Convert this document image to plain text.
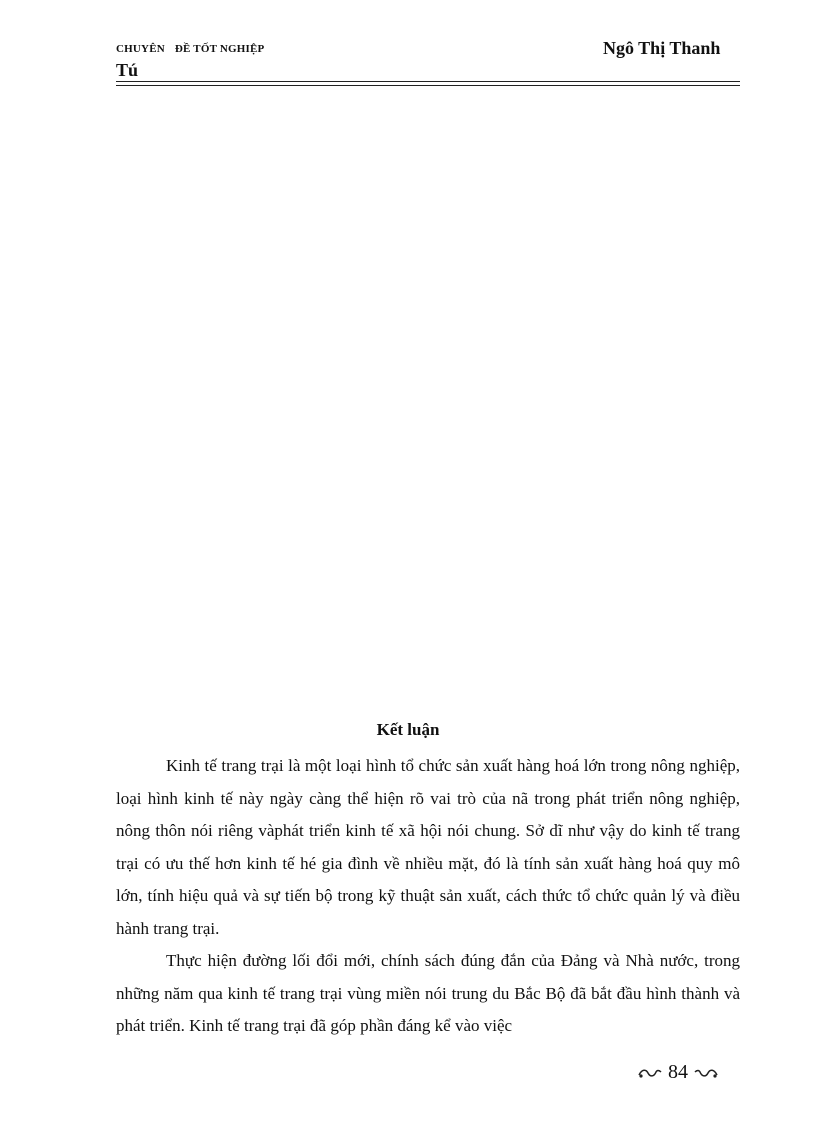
CHUYÊN ĐỀ TỐT NGHIỆP	Ngô Thị Thanh
Tú
Kết luận

Kinh tế trang trại là một loại hình tổ chức sản xuất hàng hoá lớn trong nông nghiệp, loại hình kinh tế này ngày càng thể hiện rõ vai trò của nã trong phát triển nông nghiệp, nông thôn nói riêng vàphát triển kinh tế xã hội nói chung. Sở dĩ như vậy do kinh tế trang trại có ưu thế hơn kinh tế hé gia đình về nhiều mặt, đó là tính sản xuất hàng hoá quy mô lớn, tính hiệu quả và sự tiến bộ trong kỹ thuật sản xuất, cách thức tổ chức quản lý và điều hành trang trại.

Thực hiện đường lối đổi mới, chính sách đúng đắn của Đảng và Nhà nước, trong những năm qua kinh tế trang trại vùng miền nói trung du Bắc Bộ đã bắt đầu hình thành và phát triển. Kinh tế trang trại đã góp phần đáng kể vào việc

84
